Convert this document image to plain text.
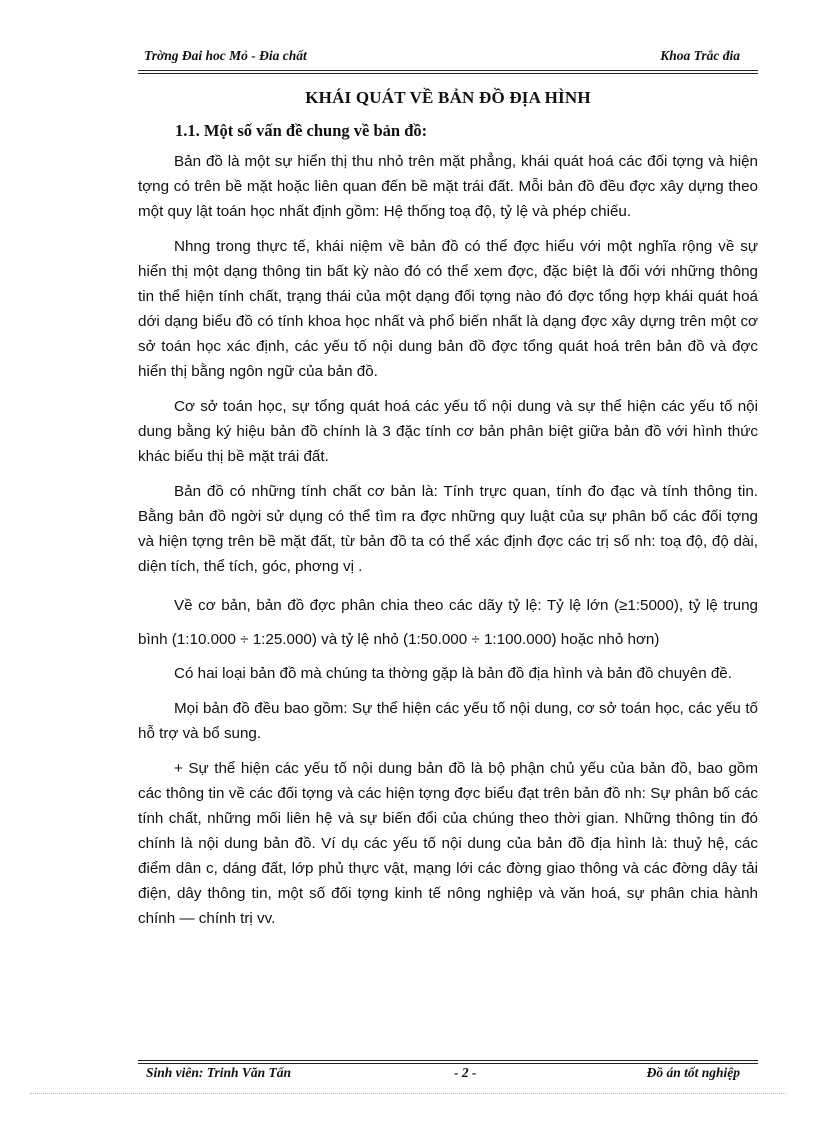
Trờng Đai hoc Mỏ - Đia chất	Khoa Trắc đia
KHÁI QUÁT VỀ BẢN ĐỒ ĐỊA HÌNH
1.1. Một số vấn đề chung về bản đồ:

Bản đồ là một sự hiển thị thu nhỏ trên mặt phẳng, khái quát hoá các đối tợng và hiện tợng có trên bề mặt hoặc liên quan đến bề mặt trái đất. Mỗi bản đồ đều đợc xây dựng theo một quy lật toán học nhất định gồm: Hệ thống toạ độ, tỷ lệ và phép chiếu.

Nhng trong thực tế, khái niệm về bản đồ có thể đợc hiểu với một nghĩa rộng về sự hiển thị một dạng thông tin bất kỳ nào đó có thể xem đợc, đặc biệt là đối với những thông tin thể hiện tính chất, trạng thái của một dạng đối tợng nào đó đợc tổng hợp khái quát hoá dới dạng biểu đồ có tính khoa học nhất và phổ biến nhất là dạng đợc xây dựng trên một cơ sở toán học xác định, các yếu tố nội dung bản đồ đợc tổng quát hoá trên bản đồ và đợc hiển thị bằng ngôn ngữ của bản đồ.

Cơ sở toán học, sự tổng quát hoá các yếu tố nội dung và sự thể hiện các yếu tố nội dung bằng ký hiệu bản đồ chính là 3 đặc tính cơ bản phân biệt giữa bản đồ với hình thức khác biểu thị bề mặt trái đất.

Bản đồ có những tính chất cơ bản là: Tính trực quan, tính đo đạc và tính thông tin. Bằng bản đồ ngời sử dụng có thể tìm ra đợc những quy luật của sự phân bố các đối tợng và hiện tợng trên bề mặt đất, từ bản đồ ta có thể xác định đợc các trị số nh: toạ độ, độ dài, diện tích, thể tích, góc, phơng vị .

Về cơ bản, bản đồ đợc phân chia theo các dãy tỷ lệ: Tỷ lệ lớn (≥1:5000), tỷ lệ trung bình (1:10.000 ÷ 1:25.000) và tỷ lệ nhỏ (1:50.000 ÷ 1:100.000) hoặc nhỏ hơn)

Có hai loại bản đồ mà chúng ta thờng gặp là bản đồ địa hình và bản đồ chuyên đề.

Mọi bản đồ đều bao gồm: Sự thể hiện các yếu tố nội dung, cơ sở toán học, các yếu tố hỗ trợ và bổ sung.

+ Sự thể hiện các yếu tố nội dung bản đồ là bộ phận chủ yếu của bản đồ, bao gồm các thông tin về các đối tợng và các hiện tợng đợc biểu đạt trên bản đồ nh: Sự phân bố các tính chất, những mối liên hệ và sự biến đổi của chúng theo thời gian. Những thông tin đó chính là nội dung bản đồ. Ví dụ các yếu tố nội dung của bản đồ địa hình là: thuỷ hệ, các điểm dân c, dáng đất, lớp phủ thực vật, mạng lới các đờng giao thông và các đờng dây tải điện, dây thông tin, một số đối tợng kinh tế nông nghiệp và văn hoá, sự phân chia hành chính — chính trị vv.

Sinh viên: Trinh Văn Tấn	- 2 -	Đồ án tốt nghiệp
